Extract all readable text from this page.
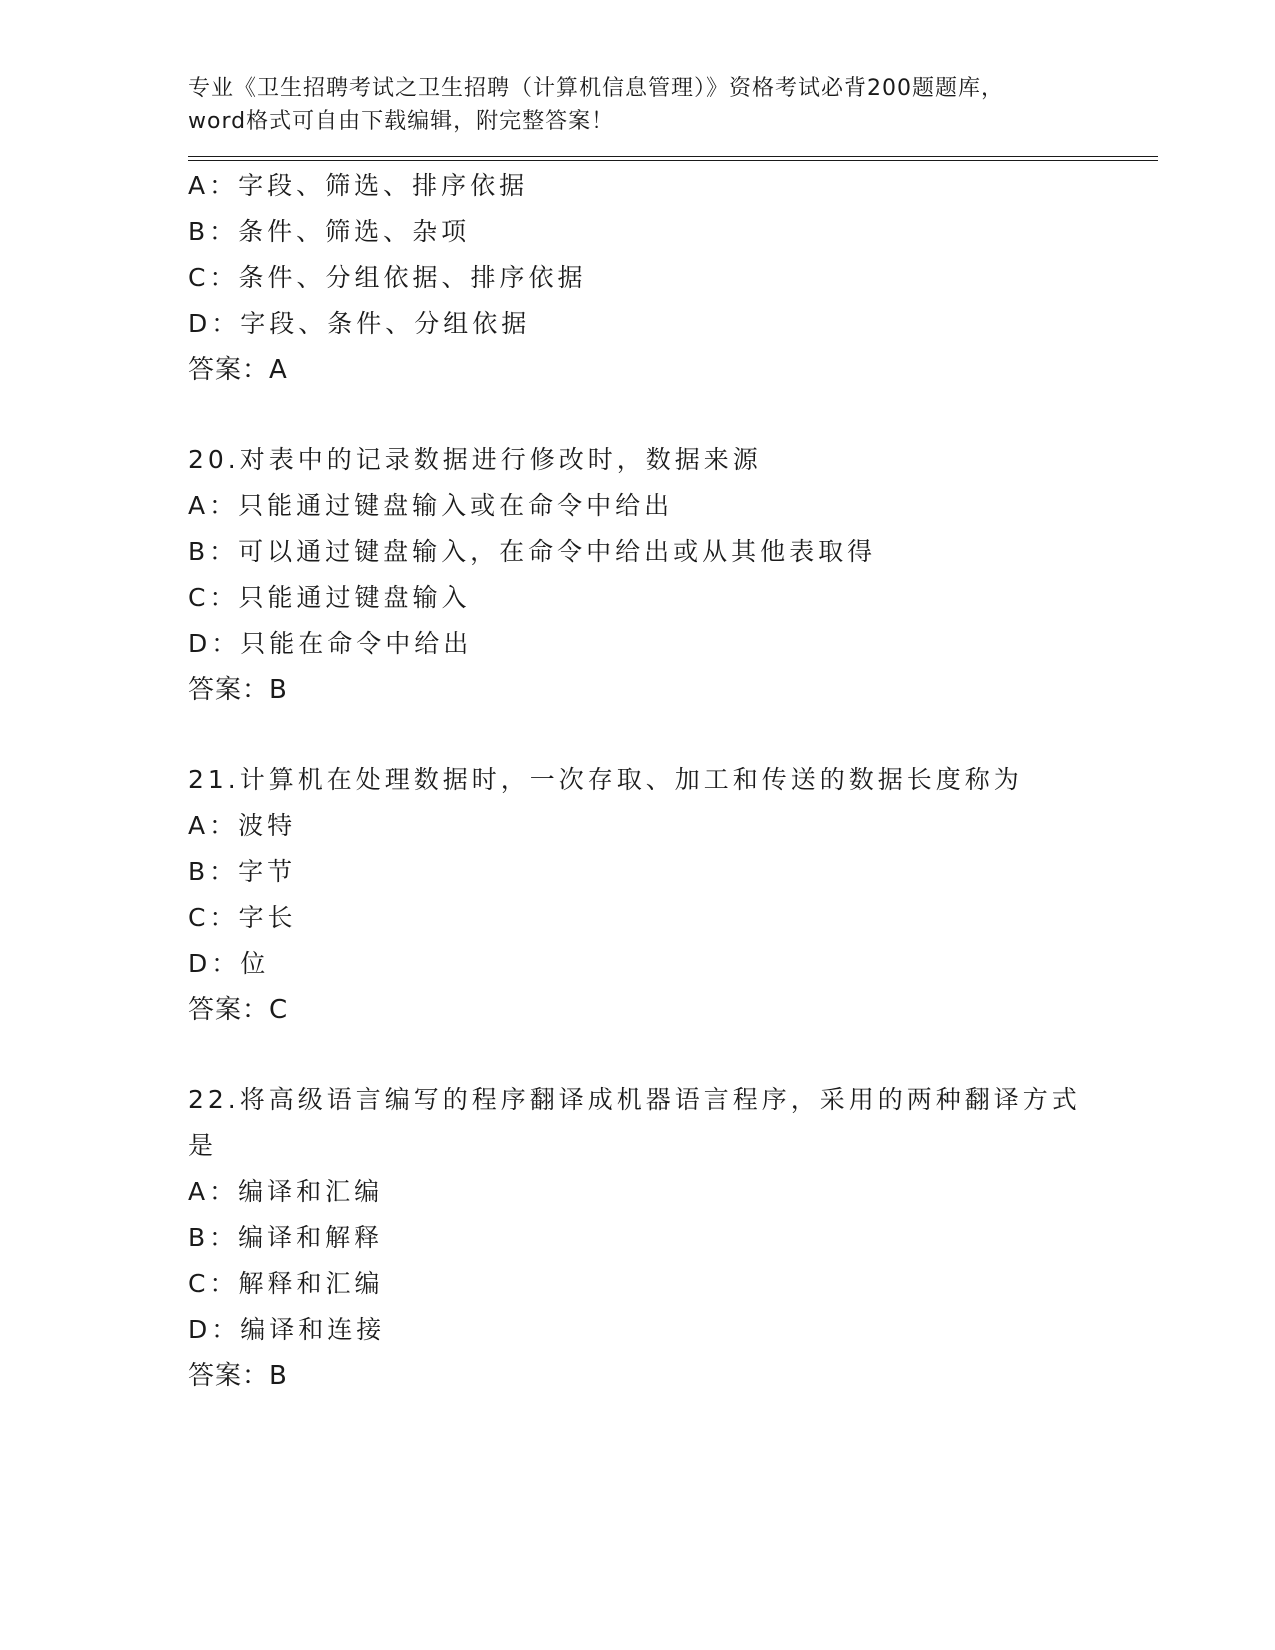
专业《卫生招聘考试之卫生招聘（计算机信息管理）》资格考试必背200题题库，
word格式可自由下载编辑，附完整答案！
A：字段、筛选、排序依据
B：条件、筛选、杂项
C：条件、分组依据、排序依据
D：字段、条件、分组依据
答案：A
20.对表中的记录数据进行修改时，数据来源
A：只能通过键盘输入或在命令中给出
B：可以通过键盘输入，在命令中给出或从其他表取得
C：只能通过键盘输入
D：只能在命令中给出
答案：B
21.计算机在处理数据时，一次存取、加工和传送的数据长度称为
A：波特
B：字节
C：字长
D：位
答案：C
22.将高级语言编写的程序翻译成机器语言程序，采用的两种翻译方式是
A：编译和汇编
B：编译和解释
C：解释和汇编
D：编译和连接
答案：B
